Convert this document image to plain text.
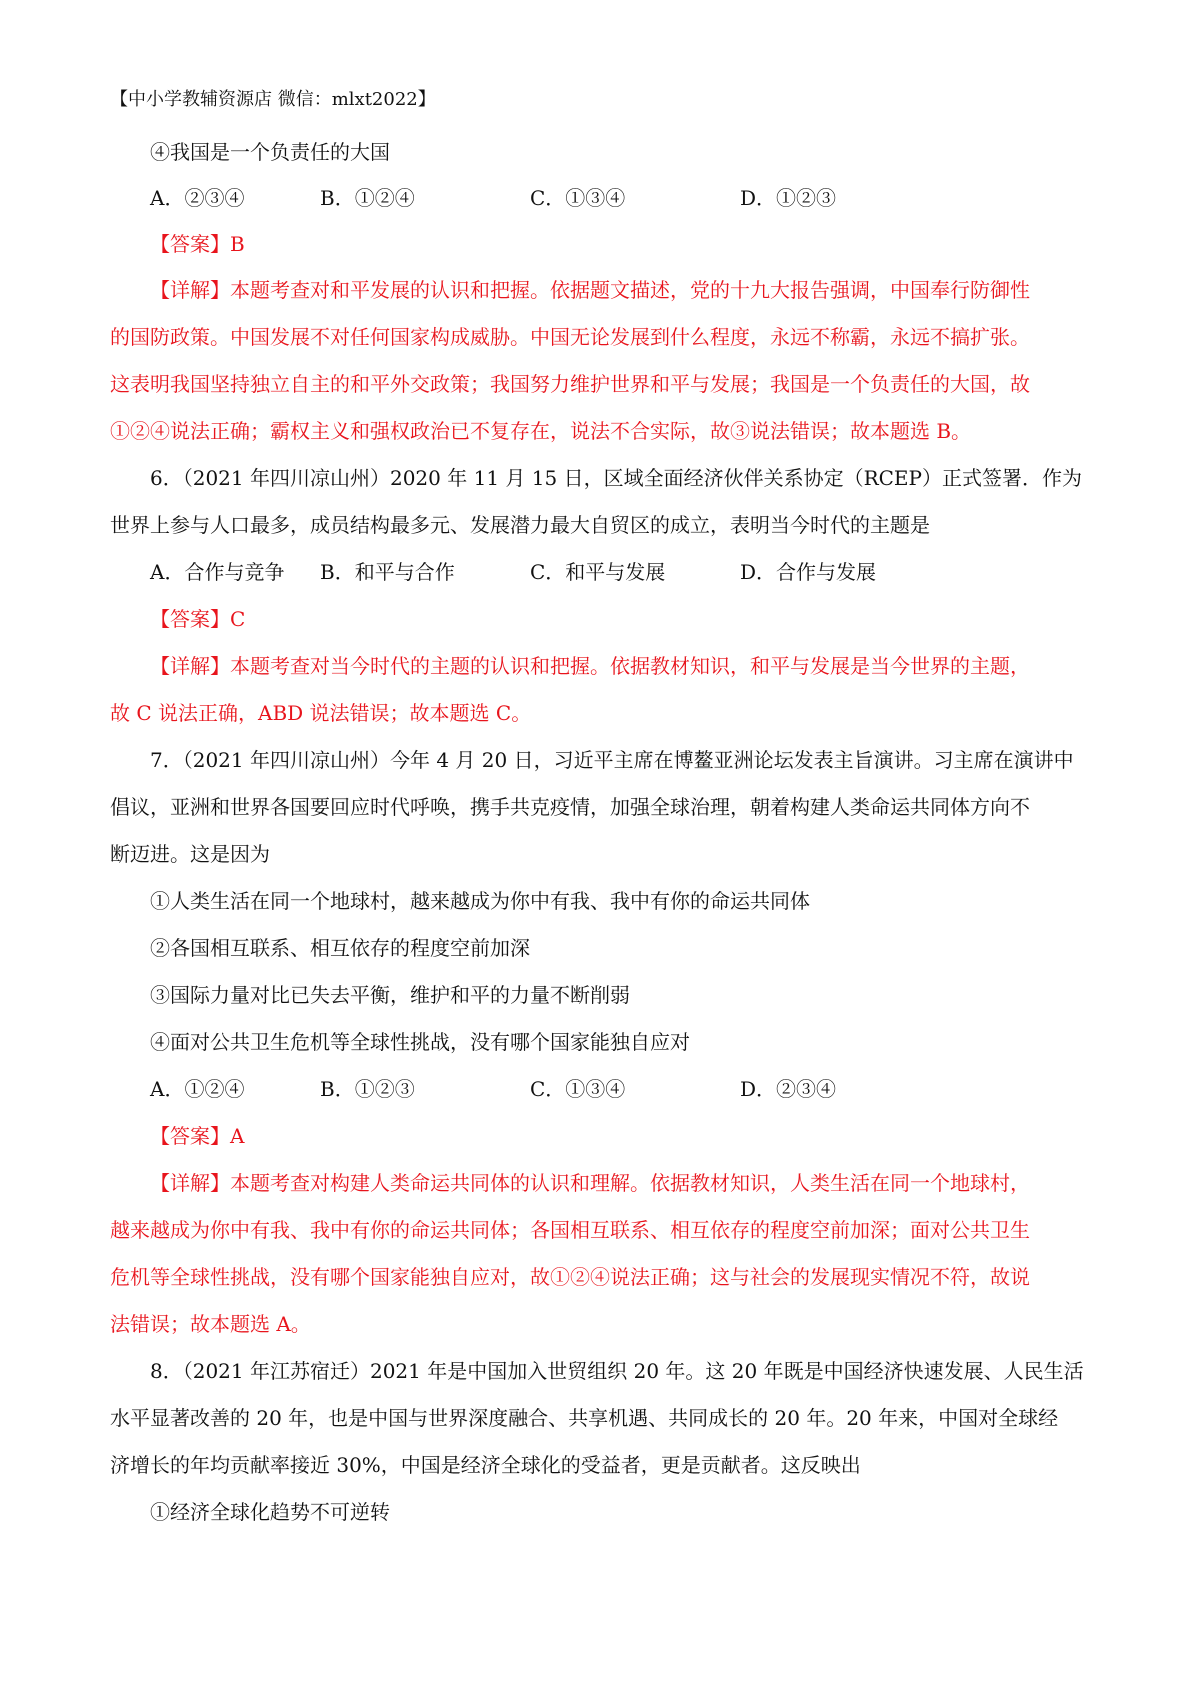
【中小学教辅资源店 微信：mlxt2022】
④我国是一个负责任的大国
A．②③④	B．①②④	C．①③④	D．①②③
【答案】B
【详解】本题考查对和平发展的认识和把握。依据题文描述，党的十九大报告强调，中国奉行防御性
的国防政策。中国发展不对任何国家构成威胁。中国无论发展到什么程度，永远不称霸，永远不搞扩张。
这表明我国坚持独立自主的和平外交政策；我国努力维护世界和平与发展；我国是一个负责任的大国，故
①②④说法正确；霸权主义和强权政治已不复存在，说法不合实际，故③说法错误；故本题选 B。
6．（2021 年四川凉山州）2020 年 11 月 15 日，区域全面经济伙伴关系协定（RCEP）正式签署．作为
世界上参与人口最多，成员结构最多元、发展潜力最大自贸区的成立，表明当今时代的主题是
A．合作与竞争 B．和平与合作	C．和平与发展	D．合作与发展
【答案】C
【详解】本题考查对当今时代的主题的认识和把握。依据教材知识，和平与发展是当今世界的主题，
故 C 说法正确，ABD 说法错误；故本题选 C。
7．（2021 年四川凉山州）今年 4 月 20 日，习近平主席在博鳌亚洲论坛发表主旨演讲。习主席在演讲中
倡议，亚洲和世界各国要回应时代呼唤，携手共克疫情，加强全球治理，朝着构建人类命运共同体方向不
断迈进。这是因为
①人类生活在同一个地球村，越来越成为你中有我、我中有你的命运共同体
②各国相互联系、相互依存的程度空前加深
③国际力量对比已失去平衡，维护和平的力量不断削弱
④面对公共卫生危机等全球性挑战，没有哪个国家能独自应对
A．①②④	B．①②③	C．①③④	D．②③④
【答案】A
【详解】本题考查对构建人类命运共同体的认识和理解。依据教材知识，人类生活在同一个地球村，
越来越成为你中有我、我中有你的命运共同体；各国相互联系、相互依存的程度空前加深；面对公共卫生
危机等全球性挑战，没有哪个国家能独自应对，故①②④说法正确；这与社会的发展现实情况不符，故说
法错误；故本题选 A。
8．（2021 年江苏宿迁）2021 年是中国加入世贸组织 20 年。这 20 年既是中国经济快速发展、人民生活
水平显著改善的 20 年，也是中国与世界深度融合、共享机遇、共同成长的 20 年。20 年来，中国对全球经
济增长的年均贡献率接近 30%，中国是经济全球化的受益者，更是贡献者。这反映出
①经济全球化趋势不可逆转
